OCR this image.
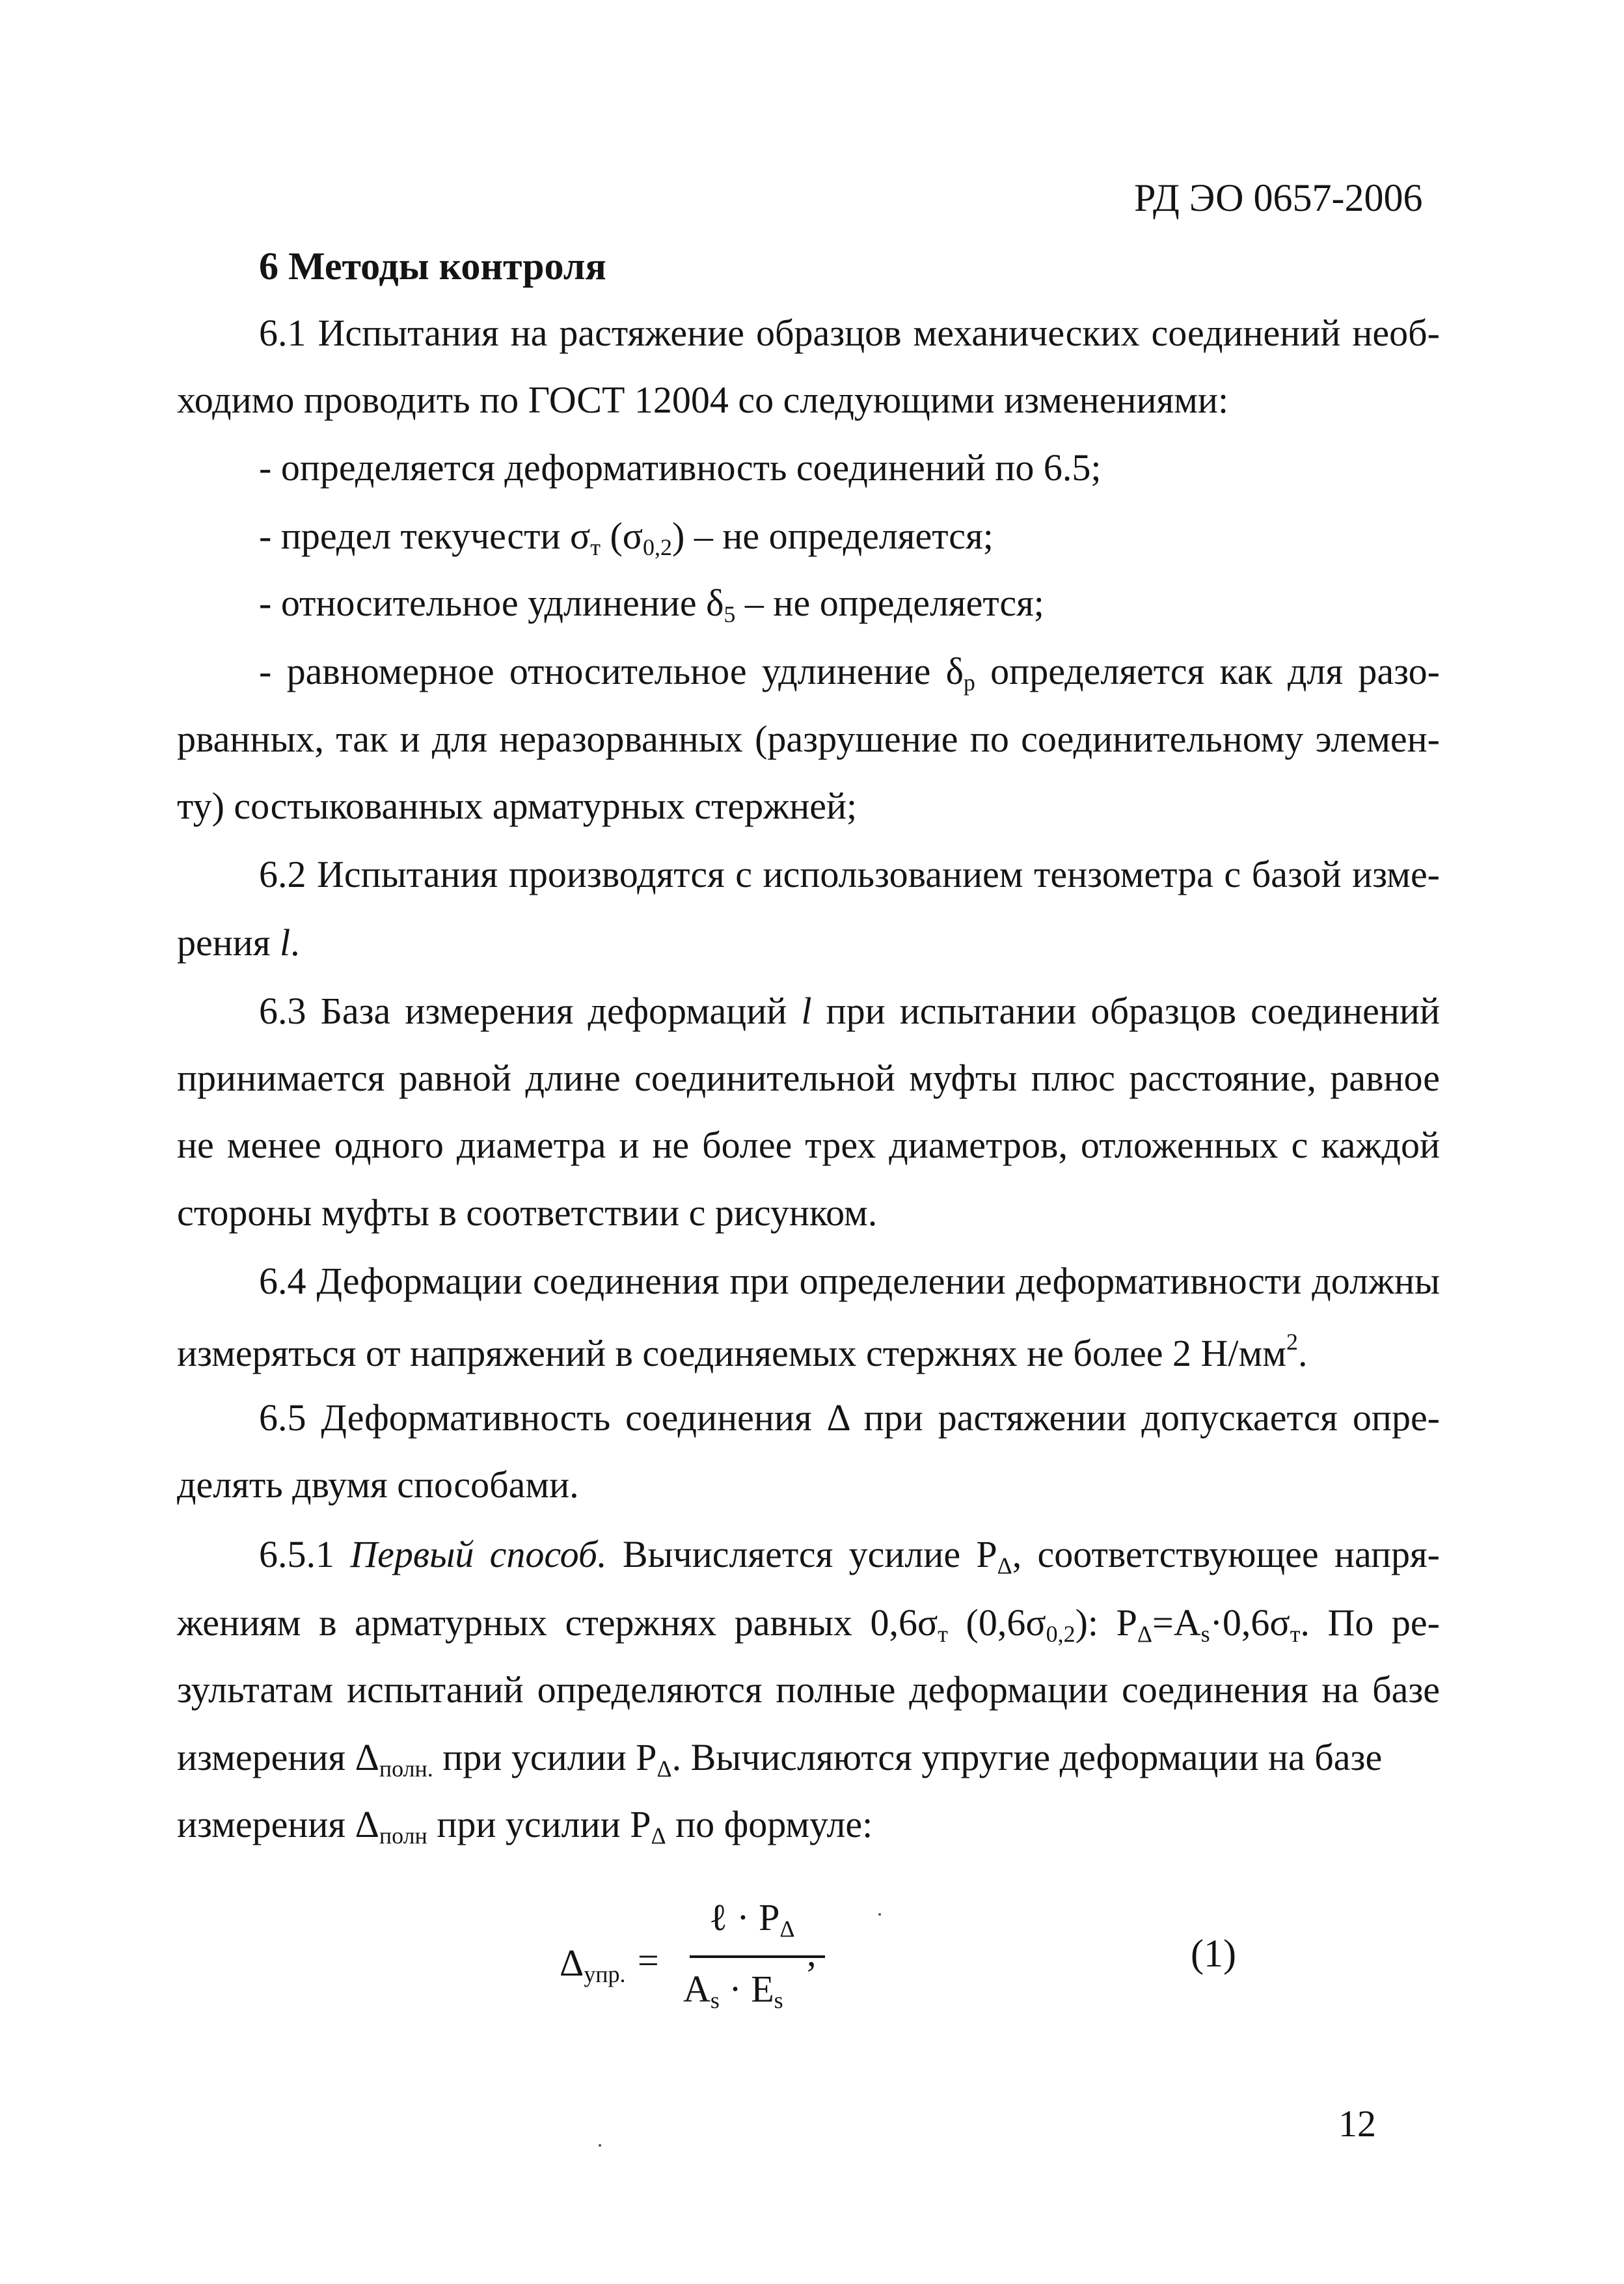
РД ЭО 0657-2006
6 Методы контроля
6.1 Испытания на растяжение образцов механических соединений необ-
ходимо проводить по ГОСТ 12004 со следующими изменениями:
- определяется деформативность соединений по 6.5;
- предел текучести $\sigma_т$ $(\sigma_{0,2})$ – не определяется;
- относительное удлинение $\delta_5$ – не определяется;
- равномерное относительное удлинение $\delta_р$ определяется как для разо-
рванных, так и для неразорванных (разрушение по соединительному элемен-
ту) состыкованных арматурных стержней;
6.2 Испытания производятся с использованием тензометра с базой изме-
рения l.
6.3 База измерения деформаций l при испытании образцов соединений
принимается равной длине соединительной муфты плюс расстояние, равное
не менее одного диаметра и не более трех диаметров, отложенных с каждой
стороны муфты в соответствии с рисунком.
6.4 Деформации соединения при определении деформативности должны
измеряться от напряжений в соединяемых стержнях не более 2 $Н/мм^2$.
6.5 Деформативность соединения Δ при растяжении допускается опре-
делять двумя способами.
6.5.1 Первый способ. Вычисляется усилие $Р_\Delta$, соответствующее напря-
жениям в арматурных стержнях равных $0,6\sigma_т$ $(0,6\sigma_{0,2})$: $Р_\Delta=А_s\cdot 0,6\sigma_т$. По ре-
зультатам испытаний определяются полные деформации соединения на базе
измерения $\Delta_{полн.}$ при усилии $Р_\Delta$. Вычисляются упругие деформации на базе
измерения $\Delta_{полн}$ при усилии $Р_\Delta$ по формуле:
$\Delta_{упр.}$ =
ℓ · $Р_\Delta$
$А_s \cdot Е_s$
,	(1)
12
